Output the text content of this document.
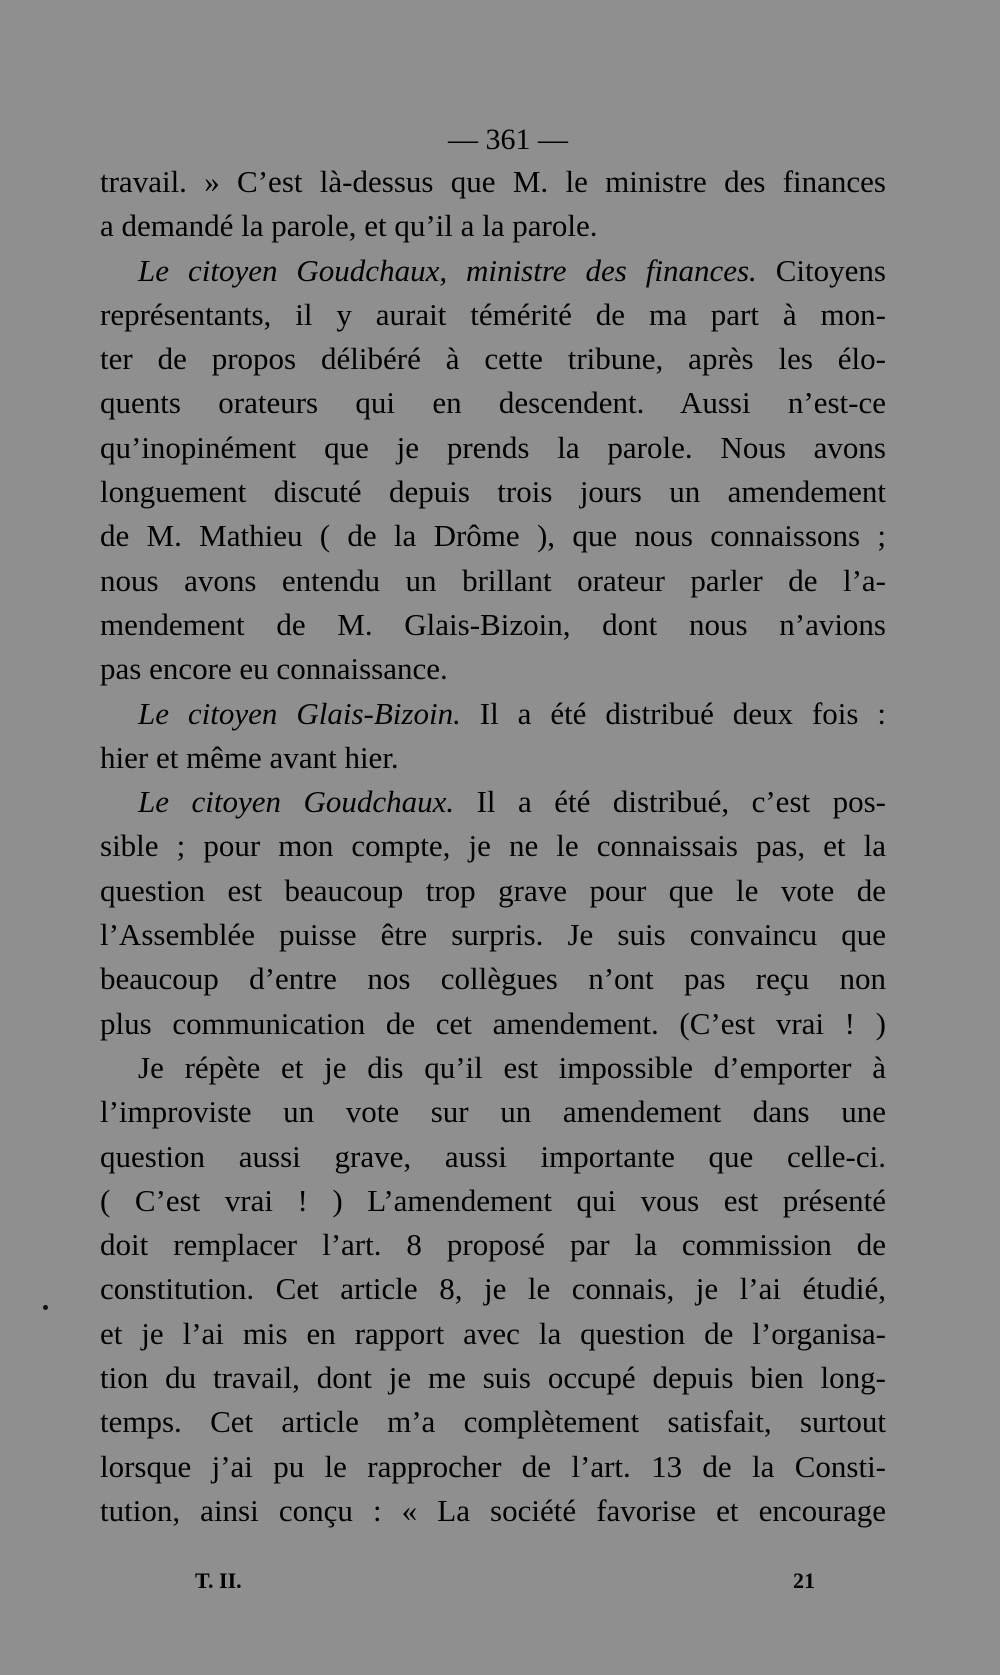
— 361 —
travail. » C’est là-dessus que M. le ministre des finances
a demandé la parole, et qu’il a la parole.
Le citoyen Goudchaux, ministre des finances. Citoyens
représentants, il y aurait témérité de ma part à mon-
ter de propos délibéré à cette tribune, après les élo-
quents orateurs qui en descendent. Aussi n’est-ce
qu’inopinément que je prends la parole. Nous avons
longuement discuté depuis trois jours un amendement
de M. Mathieu ( de la Drôme ), que nous connaissons ;
nous avons entendu un brillant orateur parler de l’a-
mendement de M. Glais-Bizoin, dont nous n’avions
pas encore eu connaissance.
Le citoyen Glais-Bizoin. Il a été distribué deux fois :
hier et même avant hier.
Le citoyen Goudchaux. Il a été distribué, c’est pos-
sible ; pour mon compte, je ne le connaissais pas, et la
question est beaucoup trop grave pour que le vote de
l’Assemblée puisse être surpris. Je suis convaincu que
beaucoup d’entre nos collègues n’ont pas reçu non
plus communication de cet amendement. (C’est vrai ! )
Je répète et je dis qu’il est impossible d’emporter à
l’improviste un vote sur un amendement dans une
question aussi grave, aussi importante que celle-ci.
( C’est vrai ! ) L’amendement qui vous est présenté
doit remplacer l’art. 8 proposé par la commission de
constitution. Cet article 8, je le connais, je l’ai étudié,
et je l’ai mis en rapport avec la question de l’organisa-
tion du travail, dont je me suis occupé depuis bien long-
temps. Cet article m’a complètement satisfait, surtout
lorsque j’ai pu le rapprocher de l’art. 13 de la Consti-
tution, ainsi conçu : « La société favorise et encourage
T. II.	21
